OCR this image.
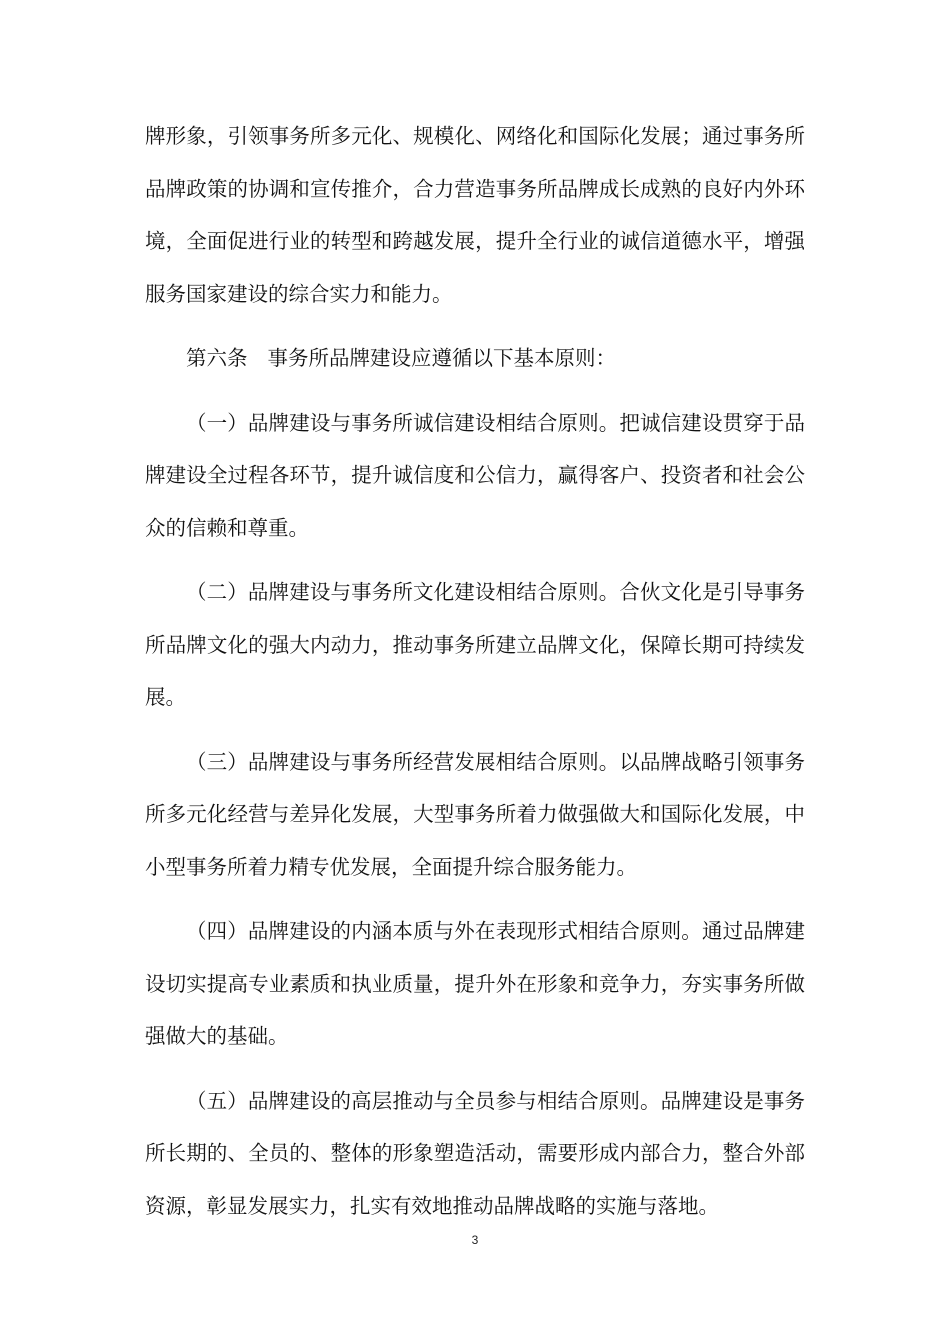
牌形象，引领事务所多元化、规模化、网络化和国际化发展；通过事务所品牌政策的协调和宣传推介，合力营造事务所品牌成长成熟的良好内外环境，全面促进行业的转型和跨越发展，提升全行业的诚信道德水平，增强服务国家建设的综合实力和能力。

第六条 事务所品牌建设应遵循以下基本原则：

（一）品牌建设与事务所诚信建设相结合原则。把诚信建设贯穿于品牌建设全过程各环节，提升诚信度和公信力，赢得客户、投资者和社会公众的信赖和尊重。

（二）品牌建设与事务所文化建设相结合原则。合伙文化是引导事务所品牌文化的强大内动力，推动事务所建立品牌文化，保障长期可持续发展。

（三）品牌建设与事务所经营发展相结合原则。以品牌战略引领事务所多元化经营与差异化发展，大型事务所着力做强做大和国际化发展，中小型事务所着力精专优发展，全面提升综合服务能力。

（四）品牌建设的内涵本质与外在表现形式相结合原则。通过品牌建设切实提高专业素质和执业质量，提升外在形象和竞争力，夯实事务所做强做大的基础。

（五）品牌建设的高层推动与全员参与相结合原则。品牌建设是事务所长期的、全员的、整体的形象塑造活动，需要形成内部合力，整合外部资源，彰显发展实力，扎实有效地推动品牌战略的实施与落地。

3
